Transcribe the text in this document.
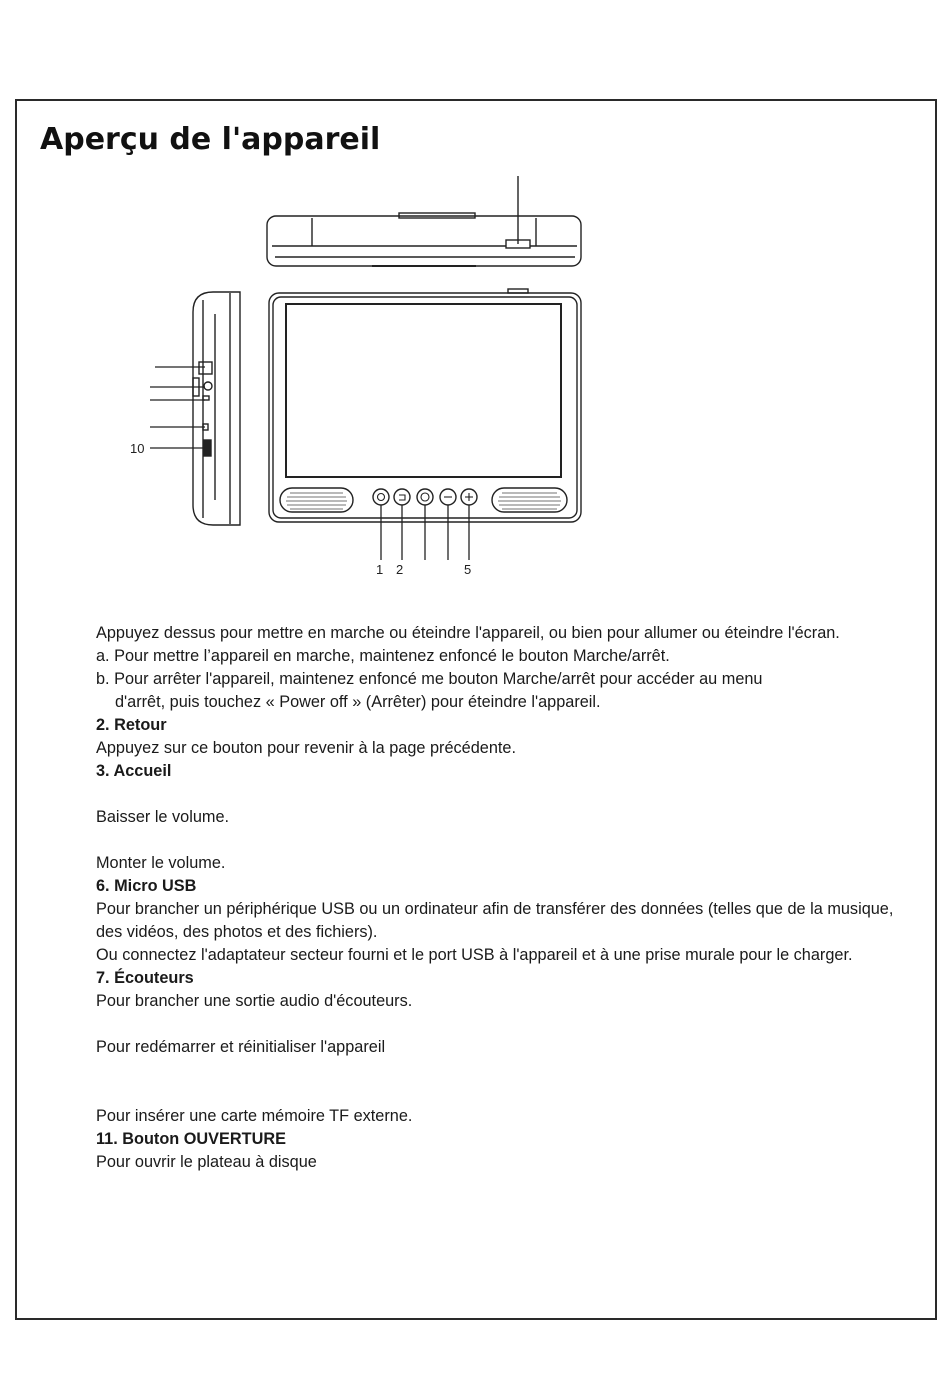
Aperçu de l'appareil
10
1 2	5

Appuyez dessus pour mettre en marche ou éteindre l'appareil, ou bien pour allumer ou éteindre l'écran.

a. Pour mettre l’appareil en marche, maintenez enfoncé le bouton Marche/arrêt.

b. Pour arrêter l'appareil, maintenez enfoncé me bouton Marche/arrêt pour accéder au menu

d'arrêt, puis touchez « Power off » (Arrêter) pour éteindre l'appareil.

2. Retour

Appuyez sur ce bouton pour revenir à la page précédente.

3. Accueil

Baisser le volume.

Monter le volume.

6. Micro USB

Pour brancher un périphérique USB ou un ordinateur afin de transférer des données (telles que de la musique, des vidéos, des photos et des fichiers).

Ou connectez l'adaptateur secteur fourni et le port USB à l'appareil et à une prise murale pour le charger.

7. Écouteurs

Pour brancher une sortie audio d'écouteurs.

Pour redémarrer et réinitialiser l'appareil

Pour insérer une carte mémoire TF externe.

11. Bouton OUVERTURE

Pour ouvrir le plateau à disque
